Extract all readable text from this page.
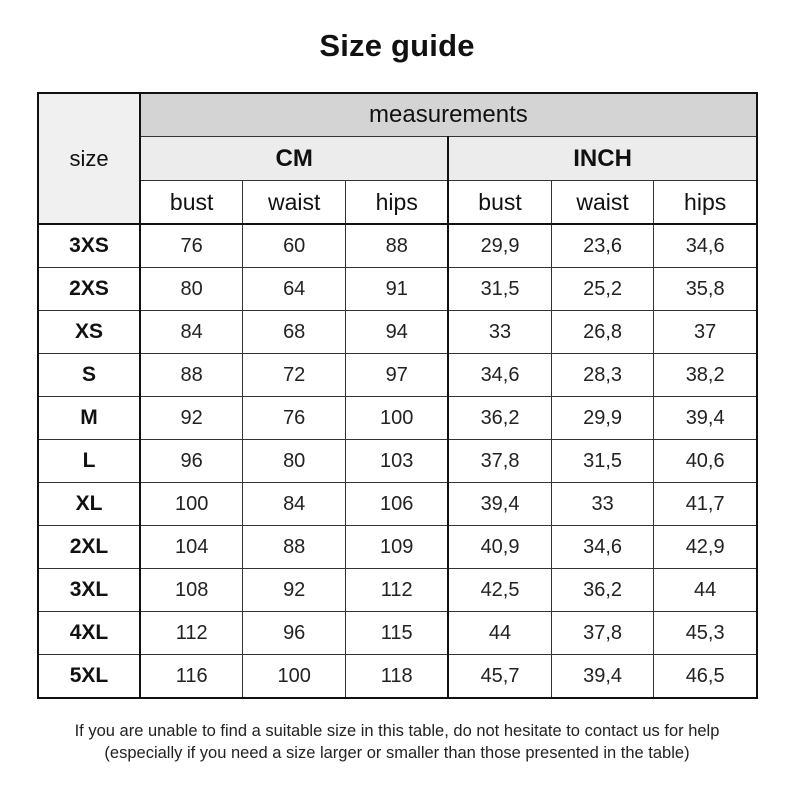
Size guide
size	measurements					
	CM			INCH		
	bust	waist	hips	bust	waist	hips
3XS	76	60	88	29,9	23,6	34,6
2XS	80	64	91	31,5	25,2	35,8
XS	84	68	94	33	26,8	37
S	88	72	97	34,6	28,3	38,2
M	92	76	100	36,2	29,9	39,4
L	96	80	103	37,8	31,5	40,6
XL	100	84	106	39,4	33	41,7
2XL	104	88	109	40,9	34,6	42,9
3XL	108	92	112	42,5	36,2	44
4XL	112	96	115	44	37,8	45,3
5XL	116	100	118	45,7	39,4	46,5
If you are unable to find a suitable size in this table, do not hesitate to contact us for help
(especially if you need a size larger or smaller than those presented in the table)
